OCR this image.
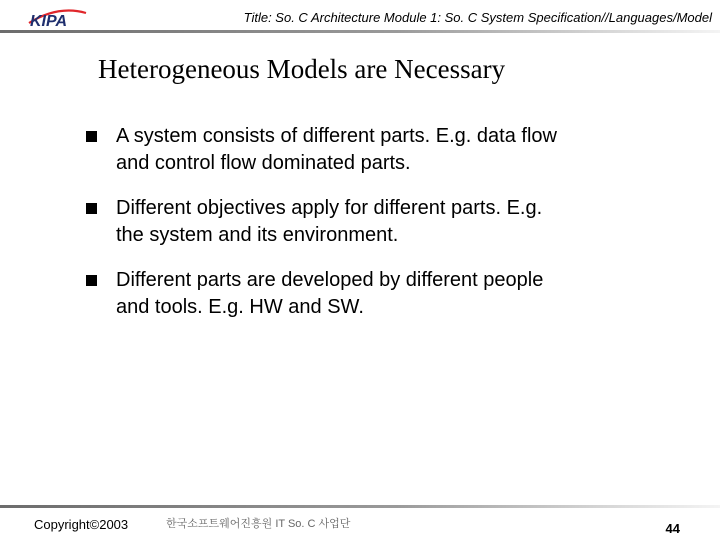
KIPA	Title: So. C Architecture Module 1: So. C System Specification//Languages/Model
Heterogeneous Models are Necessary
A system consists of different parts. E.g. data flow
and control flow dominated parts.
Different objectives apply for different parts. E.g.
the system and its environment.
Different parts are developed by different people
and tools. E.g. HW and SW.
Copyright©2003	한국소프트웨어진흥원 IT So. C 사업단	44
